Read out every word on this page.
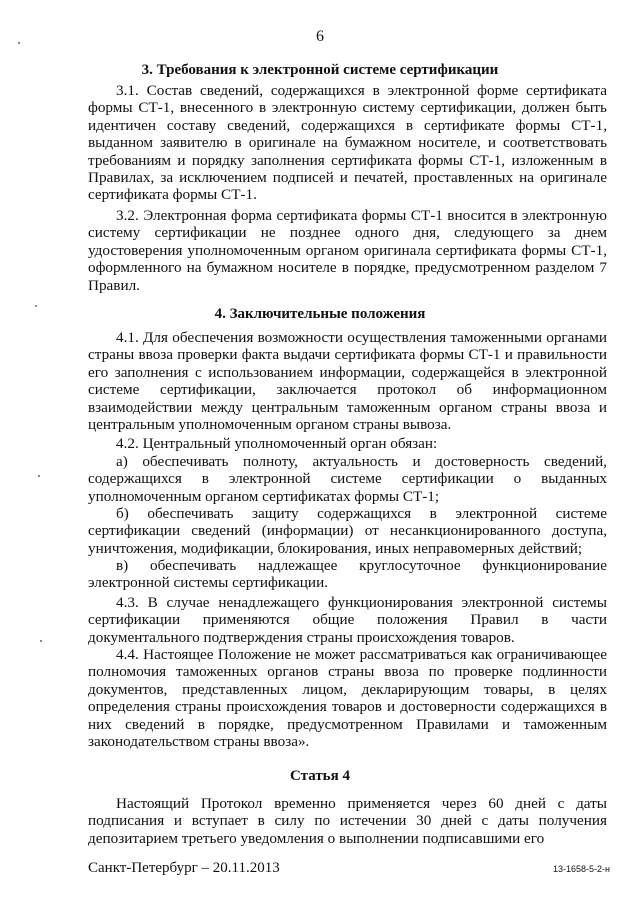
6
3. Требования к электронной системе сертификации
3.1. Состав сведений, содержащихся в электронной форме сертификата формы СТ-1, внесенного в электронную систему сертификации, должен быть идентичен составу сведений, содержащихся в сертификате формы СТ-1, выданном заявителю в оригинале на бумажном носителе, и соответствовать требованиям и порядку заполнения сертификата формы СТ-1, изложенным в Правилах, за исключением подписей и печатей, проставленных на оригинале сертификата формы СТ-1.
3.2. Электронная форма сертификата формы СТ-1 вносится в электронную систему сертификации не позднее одного дня, следующего за днем удостоверения уполномоченным органом оригинала сертификата формы СТ-1, оформленного на бумажном носителе в порядке, предусмотренном разделом 7 Правил.
4. Заключительные положения
4.1. Для обеспечения возможности осуществления таможенными органами страны ввоза проверки факта выдачи сертификата формы СТ-1 и правильности его заполнения с использованием информации, содержащейся в электронной системе сертификации, заключается протокол об информационном взаимодействии между центральным таможенным органом страны ввоза и центральным уполномоченным органом страны вывоза.
4.2. Центральный уполномоченный орган обязан:
а) обеспечивать полноту, актуальность и достоверность сведений, содержащихся в электронной системе сертификации о выданных уполномоченным органом сертификатах формы СТ-1;
б) обеспечивать защиту содержащихся в электронной системе сертификации сведений (информации) от несанкционированного доступа, уничтожения, модификации, блокирования, иных неправомерных действий;
в) обеспечивать надлежащее круглосуточное функционирование электронной системы сертификации.
4.3. В случае ненадлежащего функционирования электронной системы сертификации применяются общие положения Правил в части документального подтверждения страны происхождения товаров.
4.4. Настоящее Положение не может рассматриваться как ограничивающее полномочия таможенных органов страны ввоза по проверке подлинности документов, представленных лицом, декларирующим товары, в целях определения страны происхождения товаров и достоверности содержащихся в них сведений в порядке, предусмотренном Правилами и таможенным законодательством страны ввоза».
Статья 4
Настоящий Протокол временно применяется через 60 дней с даты подписания и вступает в силу по истечении 30 дней с даты получения депозитарием третьего уведомления о выполнении подписавшими его
Санкт-Петербург – 20.11.2013	13-1658-5-2-н
